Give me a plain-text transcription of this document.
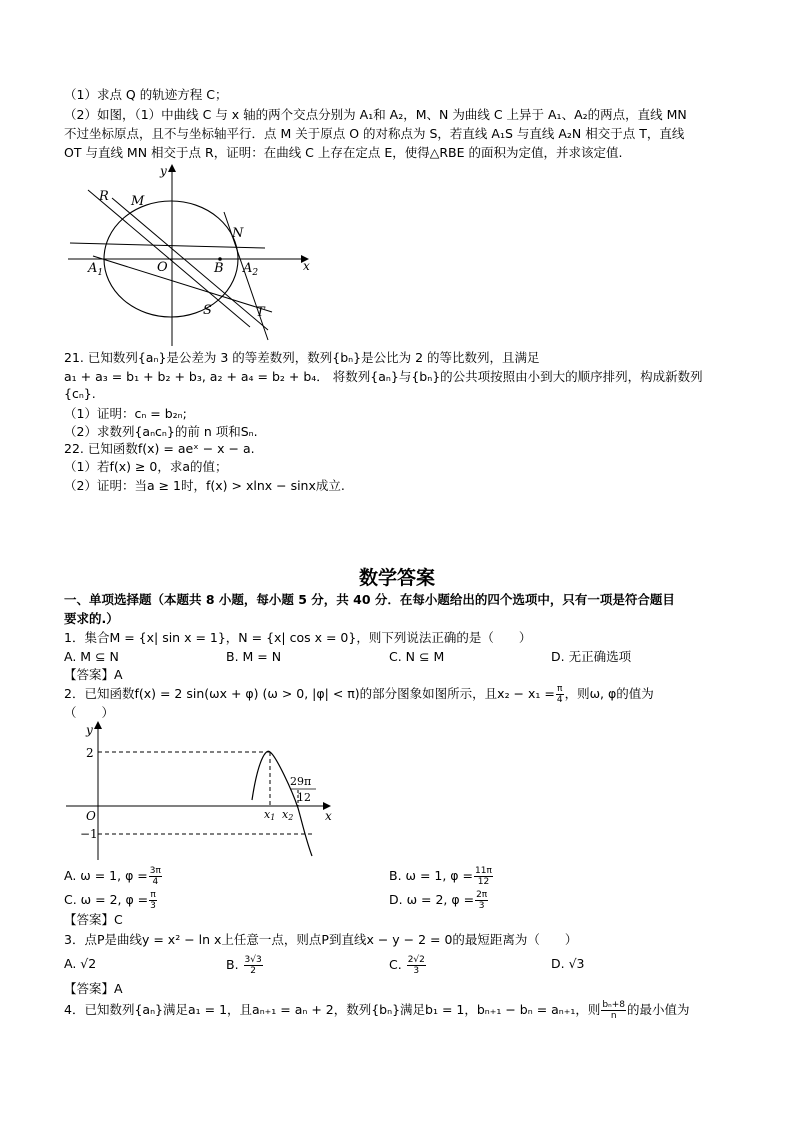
（1）求点 Q 的轨迹方程 C；
（2）如图，（1）中曲线 C 与 x 轴的两个交点分别为 A₁和 A₂，M、N 为曲线 C 上异于 A₁、A₂的两点，直线 MN
不过坐标原点，且不与坐标轴平行．点 M 关于原点 O 的对称点为 S，若直线 A₁S 与直线 A₂N 相交于点 T，直线
OT 与直线 MN 相交于点 R，证明：在曲线 C 上存在定点 E，使得△RBE 的面积为定值，并求该定值.
y
x
O
R M
N
$A_1$	$A_2$
B
S	T
21. 已知数列{aₙ}是公差为 3 的等差数列，数列{bₙ}是公比为 2 的等比数列，且满足
a₁ + a₃ = b₁ + b₂ + b₃, a₂ + a₄ = b₂ + b₄． 将数列{aₙ}与{bₙ}的公共项按照由小到大的顺序排列，构成新数列
{cₙ}.
（1）证明：cₙ = b₂ₙ;
（2）求数列{aₙcₙ}的前 n 项和Sₙ.
22. 已知函数f(x) = aeˣ − x − a.
（1）若f(x) ≥ 0，求a的值；
（2）证明：当a ≥ 1时，f(x) > xlnx − sinx成立.
数学答案
一、单项选择题（本题共 8 小题，每小题 5 分，共 40 分．在每小题给出的四个选项中，只有一项是符合题目
要求的.）
1．集合M = {x| sin x = 1}，N = {x| cos x = 0}，则下列说法正确的是（　　）
A. M ⊆ N	B. M = N	C. N ⊆ M	D. 无正确选项
【答案】A
2．已知函数f(x) = 2 sin(ωx + φ) (ω > 0, |φ| < π)的部分图象如图所示，且$x_2 - x_1 = \frac{\pi}{4}$ ，则ω, φ的值为
（　　）
y
2
O
−1
x
x1 x2
29π
12
A. ω = 1, $\varphi = \frac{3\pi}{4}$	B. ω = 1, $\varphi = \frac{11\pi}{12}$
C. ω = 2, $\varphi = \frac{\pi}{3}$	D. ω = 2, $\varphi = \frac{2\pi}{3}$
【答案】C
3．点P是曲线y = x² − ln x上任意一点，则点P到直线x − y − 2 = 0的最短距离为（　　）
A. √2	B. $\frac{3√3}{2}$	C. $\frac{2√2}{3}$	D. √3
【答案】A
4．已知数列{aₙ}满足a₁ = 1，且aₙ₊₁ = aₙ + 2，数列{bₙ}满足b₁ = 1，bₙ₊₁ − bₙ = aₙ₊₁，则 $\frac{\text{bₙ+8}}{n}$ 的最小值为
